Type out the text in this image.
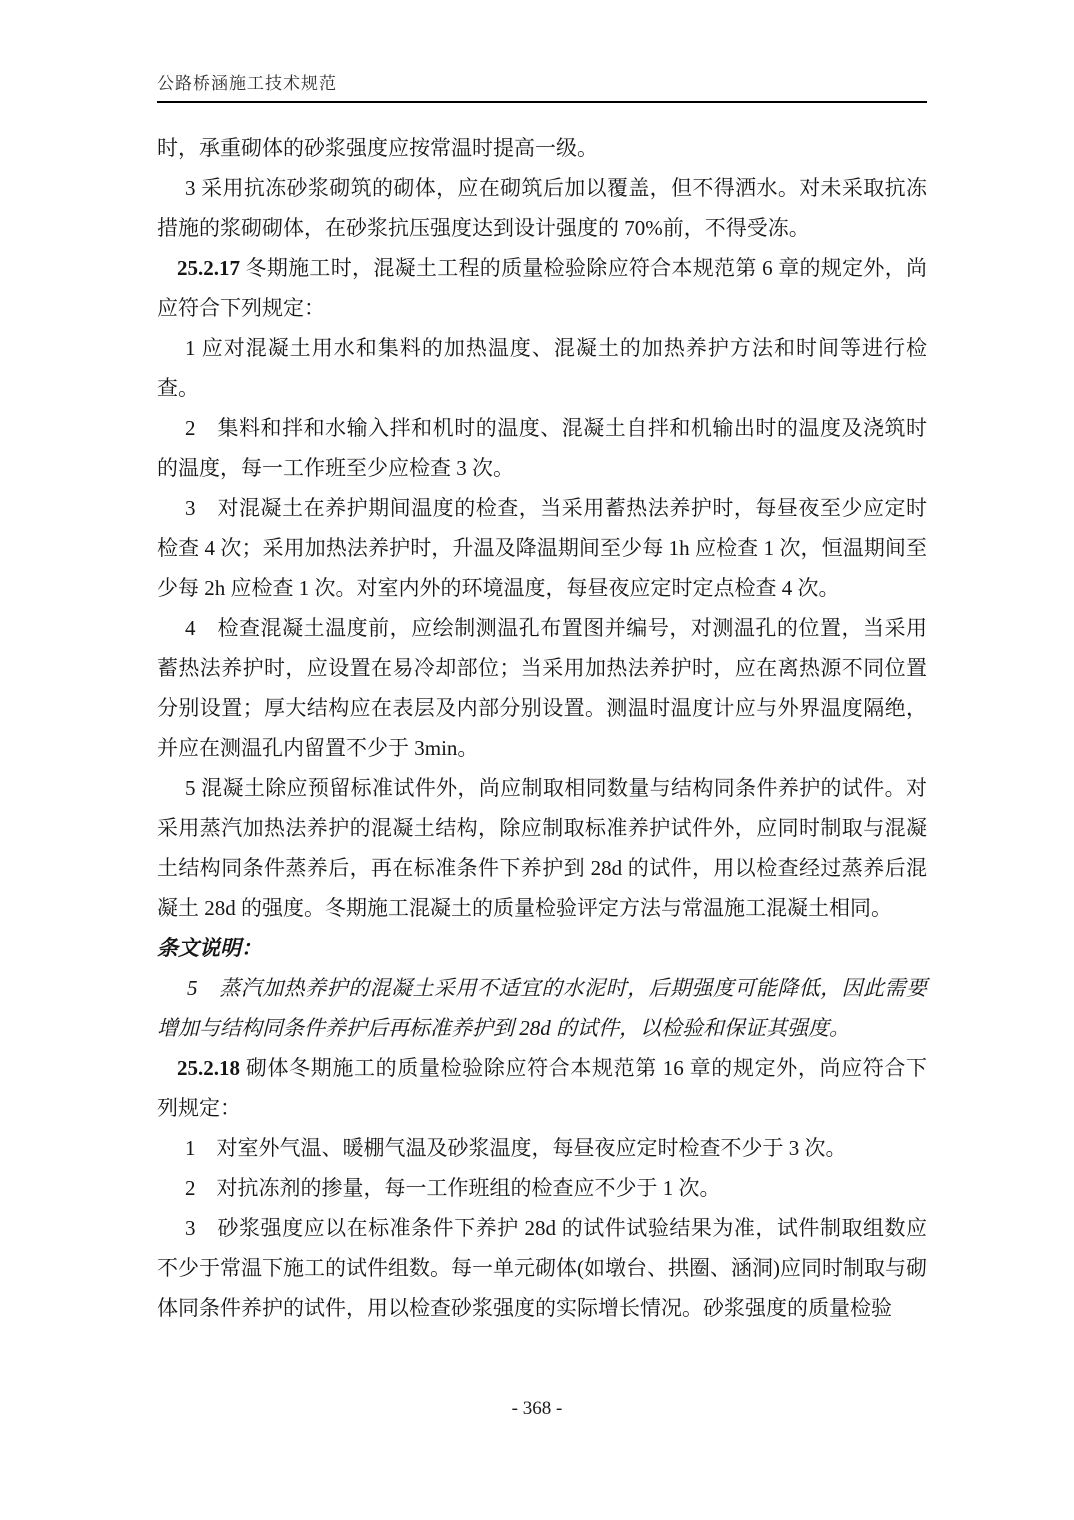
公路桥涵施工技术规范

时，承重砌体的砂浆强度应按常温时提高一级。

3 采用抗冻砂浆砌筑的砌体，应在砌筑后加以覆盖，但不得洒水。对未采取抗冻措施的浆砌砌体，在砂浆抗压强度达到设计强度的 70%前，不得受冻。

25.2.17 冬期施工时，混凝土工程的质量检验除应符合本规范第 6 章的规定外，尚应符合下列规定：

1 应对混凝土用水和集料的加热温度、混凝土的加热养护方法和时间等进行检查。

2　集料和拌和水输入拌和机时的温度、混凝土自拌和机输出时的温度及浇筑时的温度，每一工作班至少应检查 3 次。

3　对混凝土在养护期间温度的检查，当采用蓄热法养护时，每昼夜至少应定时检查 4 次；采用加热法养护时，升温及降温期间至少每 1h 应检查 1 次，恒温期间至少每 2h 应检查 1 次。对室内外的环境温度，每昼夜应定时定点检查 4 次。

4　检查混凝土温度前，应绘制测温孔布置图并编号，对测温孔的位置，当采用蓄热法养护时，应设置在易冷却部位；当采用加热法养护时，应在离热源不同位置分别设置；厚大结构应在表层及内部分别设置。测温时温度计应与外界温度隔绝，并应在测温孔内留置不少于 3min。

5 混凝土除应预留标准试件外，尚应制取相同数量与结构同条件养护的试件。对采用蒸汽加热法养护的混凝土结构，除应制取标准养护试件外，应同时制取与混凝土结构同条件蒸养后，再在标准条件下养护到 28d 的试件，用以检查经过蒸养后混凝土 28d 的强度。冬期施工混凝土的质量检验评定方法与常温施工混凝土相同。

条文说明：

5　蒸汽加热养护的混凝土采用不适宜的水泥时，后期强度可能降低，因此需要增加与结构同条件养护后再标准养护到 28d 的试件，以检验和保证其强度。

25.2.18 砌体冬期施工的质量检验除应符合本规范第 16 章的规定外，尚应符合下列规定：

1　对室外气温、暖棚气温及砂浆温度，每昼夜应定时检查不少于 3 次。

2　对抗冻剂的掺量，每一工作班组的检查应不少于 1 次。

3　砂浆强度应以在标准条件下养护 28d 的试件试验结果为准，试件制取组数应不少于常温下施工的试件组数。每一单元砌体(如墩台、拱圈、涵洞)应同时制取与砌体同条件养护的试件，用以检查砂浆强度的实际增长情况。砂浆强度的质量检验

- 368 -
